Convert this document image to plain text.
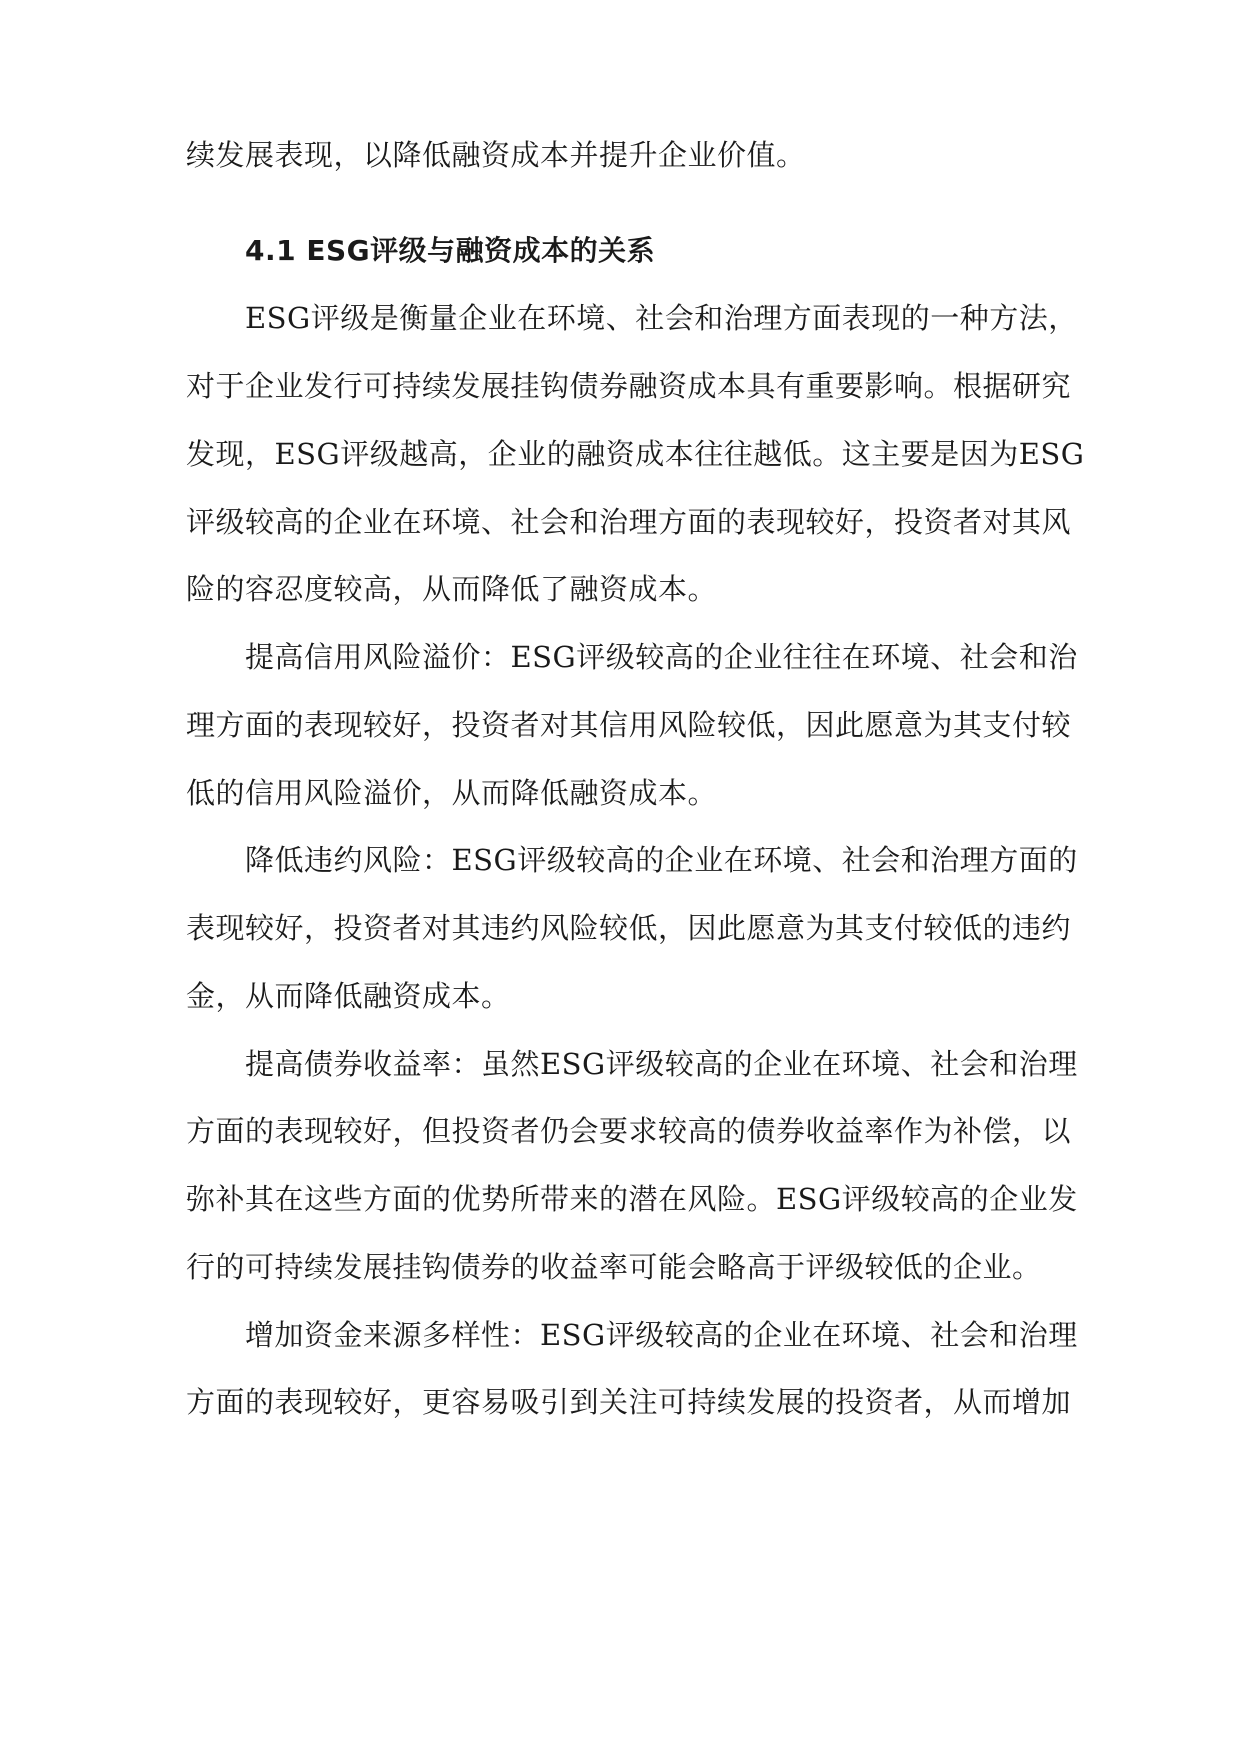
续发展表现，以降低融资成本并提升企业价值。
4.1 ESG评级与融资成本的关系
ESG评级是衡量企业在环境、社会和治理方面表现的一种方法，
对于企业发行可持续发展挂钩债券融资成本具有重要影响。根据研究
发现，ESG评级越高，企业的融资成本往往越低。这主要是因为ESG
评级较高的企业在环境、社会和治理方面的表现较好，投资者对其风
险的容忍度较高，从而降低了融资成本。
提高信用风险溢价：ESG评级较高的企业往往在环境、社会和治
理方面的表现较好，投资者对其信用风险较低，因此愿意为其支付较
低的信用风险溢价，从而降低融资成本。
降低违约风险：ESG评级较高的企业在环境、社会和治理方面的
表现较好，投资者对其违约风险较低，因此愿意为其支付较低的违约
金，从而降低融资成本。
提高债券收益率：虽然ESG评级较高的企业在环境、社会和治理
方面的表现较好，但投资者仍会要求较高的债券收益率作为补偿，以
弥补其在这些方面的优势所带来的潜在风险。ESG评级较高的企业发
行的可持续发展挂钩债券的收益率可能会略高于评级较低的企业。
增加资金来源多样性：ESG评级较高的企业在环境、社会和治理
方面的表现较好，更容易吸引到关注可持续发展的投资者，从而增加
